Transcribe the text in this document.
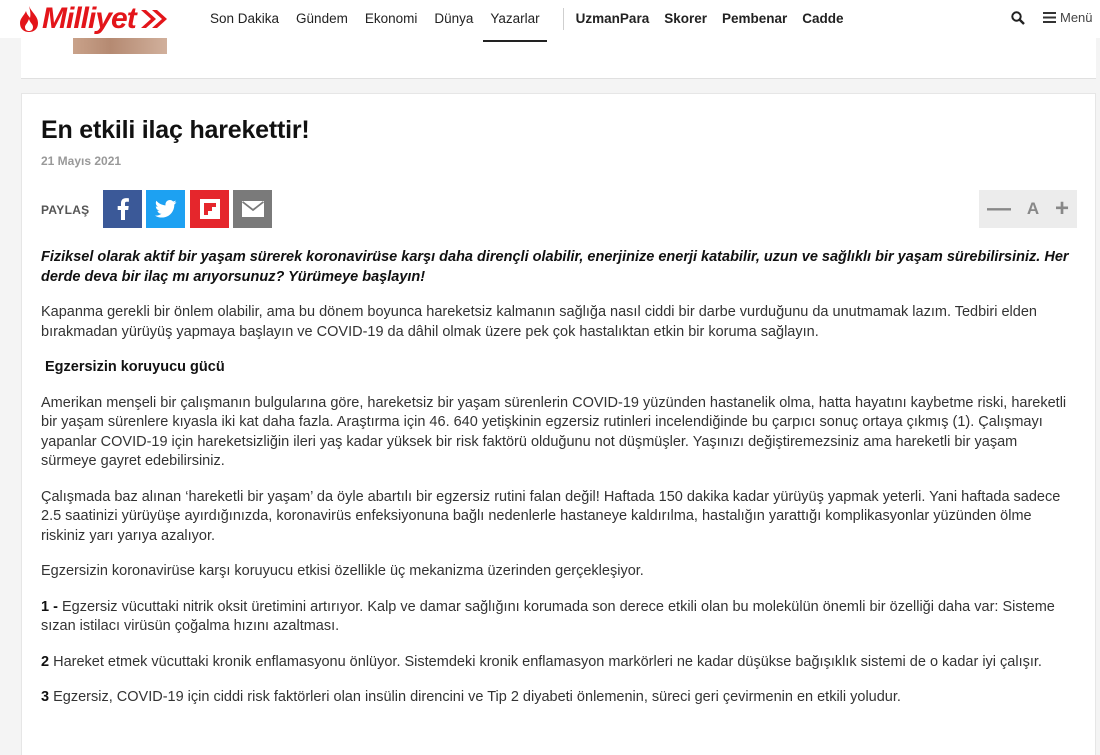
Milliyet	Son Dakika Gündem Ekonomi Dünya Yazarlar	UzmanPara Skorer Pembenar Cadde	Menü
En etkili ilaç harekettir!
21 Mayıs 2021
PAYLAŞ	— A +

Fiziksel olarak aktif bir yaşam sürerek koronavirüse karşı daha dirençli olabilir, enerjinize enerji katabilir, uzun ve sağlıklı bir yaşam sürebilirsiniz. Her derde deva bir ilaç mı arıyorsunuz? Yürümeye başlayın!

Kapanma gerekli bir önlem olabilir, ama bu dönem boyunca hareketsiz kalmanın sağlığa nasıl ciddi bir darbe vurduğunu da unutmamak lazım. Tedbiri elden bırakmadan yürüyüş yapmaya başlayın ve COVID-19 da dâhil olmak üzere pek çok hastalıktan etkin bir koruma sağlayın.

Egzersizin koruyucu gücü

Amerikan menşeli bir çalışmanın bulgularına göre, hareketsiz bir yaşam sürenlerin COVID-19 yüzünden hastanelik olma, hatta hayatını kaybetme riski, hareketli bir yaşam sürenlere kıyasla iki kat daha fazla. Araştırma için 46. 640 yetişkinin egzersiz rutinleri incelendiğinde bu çarpıcı sonuç ortaya çıkmış (1). Çalışmayı yapanlar COVID-19 için hareketsizliğin ileri yaş kadar yüksek bir risk faktörü olduğunu not düşmüşler. Yaşınızı değiştiremezsiniz ama hareketli bir yaşam sürmeye gayret edebilirsiniz.

Çalışmada baz alınan ‘hareketli bir yaşam’ da öyle abartılı bir egzersiz rutini falan değil! Haftada 150 dakika kadar yürüyüş yapmak yeterli. Yani haftada sadece 2.5 saatinizi yürüyüşe ayırdığınızda, koronavirüs enfeksiyonuna bağlı nedenlerle hastaneye kaldırılma, hastalığın yarattığı komplikasyonlar yüzünden ölme riskiniz yarı yarıya azalıyor.

Egzersizin koronavirüse karşı koruyucu etkisi özellikle üç mekanizma üzerinden gerçekleşiyor.

1 - Egzersiz vücuttaki nitrik oksit üretimini artırıyor. Kalp ve damar sağlığını korumada son derece etkili olan bu molekülün önemli bir özelliği daha var: Sisteme sızan istilacı virüsün çoğalma hızını azaltması.

2 Hareket etmek vücuttaki kronik enflamasyonu önlüyor. Sistemdeki kronik enflamasyon markörleri ne kadar düşükse bağışıklık sistemi de o kadar iyi çalışır.

3 Egzersiz, COVID-19 için ciddi risk faktörleri olan insülin direncini ve Tip 2 diyabeti önlemenin, süreci geri çevirmenin en etkili yoludur.
